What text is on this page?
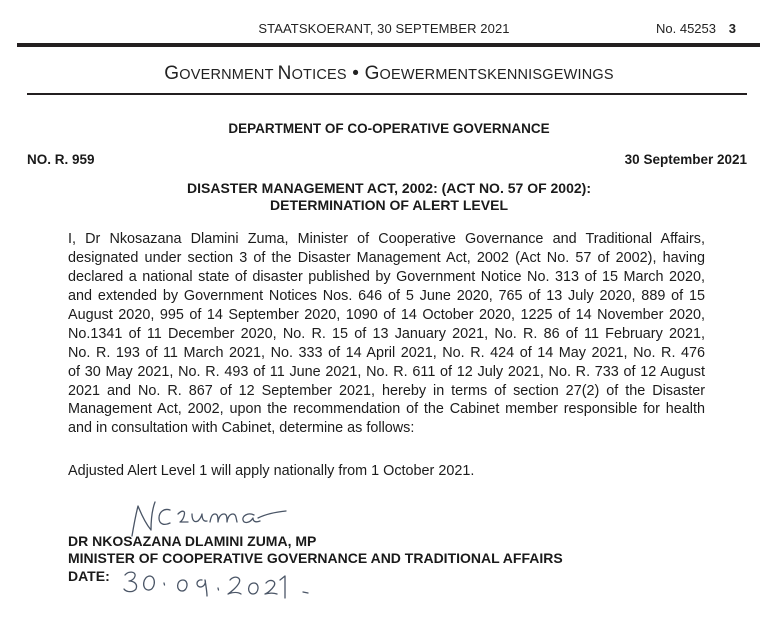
STAATSKOERANT, 30 SEPTEMBER 2021	No. 45253 3
GOVERNMENT NOTICES • GOEWERMENTSKENNISGEWINGS
DEPARTMENT OF CO-OPERATIVE GOVERNANCE
NO. R. 959	30 September 2021
DISASTER MANAGEMENT ACT, 2002: (ACT NO. 57 OF 2002):
DETERMINATION OF ALERT LEVEL
I, Dr Nkosazana Dlamini Zuma, Minister of Cooperative Governance and Traditional Affairs,
designated under section 3 of the Disaster Management Act, 2002 (Act No. 57 of 2002), having
declared a national state of disaster published by Government Notice No. 313 of 15 March 2020,
and extended by Government Notices Nos. 646 of 5 June 2020, 765 of 13 July 2020, 889 of 15
August 2020, 995 of 14 September 2020, 1090 of 14 October 2020, 1225 of 14 November 2020,
No.1341 of 11 December 2020, No. R. 15 of 13 January 2021, No. R. 86 of 11 February 2021,
No. R. 193 of 11 March 2021, No. 333 of 14 April 2021, No. R. 424 of 14 May 2021, No. R. 476
of 30 May 2021, No. R. 493 of 11 June 2021, No. R. 611 of 12 July 2021, No. R. 733 of 12 August
2021 and No. R. 867 of 12 September 2021, hereby in terms of section 27(2) of the Disaster
Management Act, 2002, upon the recommendation of the Cabinet member responsible for health
and in consultation with Cabinet, determine as follows:
Adjusted Alert Level 1 will apply nationally from 1 October 2021.
DR NKOSAZANA DLAMINI ZUMA, MP
MINISTER OF COOPERATIVE GOVERNANCE AND TRADITIONAL AFFAIRS
DATE:
